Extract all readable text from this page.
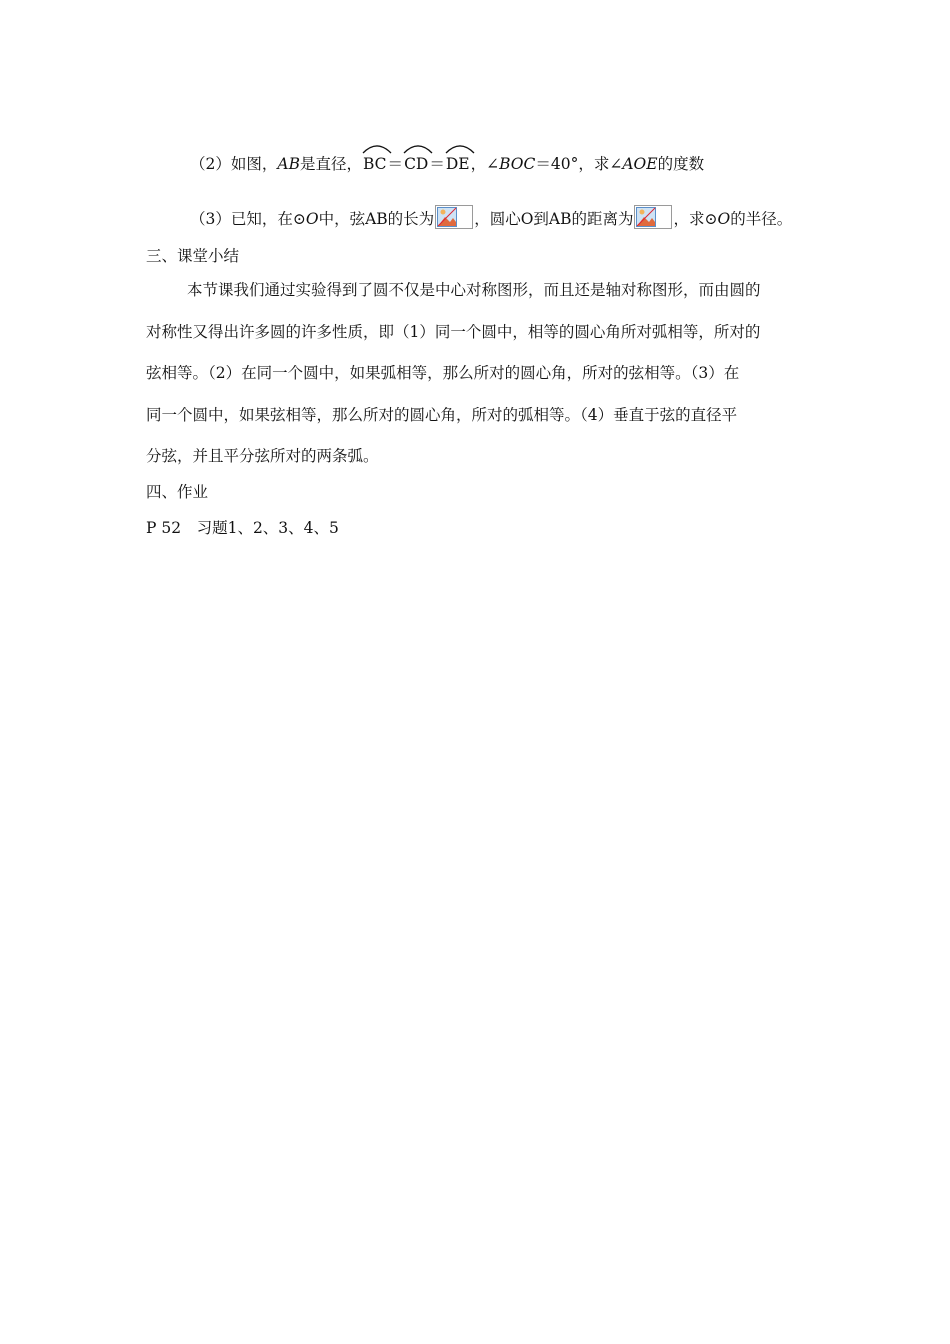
（2）如图，AB是直径，
BC＝
CD＝
DE，∠BOC＝40°，求∠AOE的度数
（3）已知，在⊙O中，弦AB的长为	，圆心O到AB的距离为	，求⊙O的半径。
三、课堂小结
本节课我们通过实验得到了圆不仅是中心对称图形，而且还是轴对称图形，而由圆的
对称性又得出许多圆的许多性质，即（1）同一个圆中，相等的圆心角所对弧相等，所对的
弦相等。（2）在同一个圆中，如果弧相等，那么所对的圆心角，所对的弦相等。（3）在
同一个圆中，如果弦相等，那么所对的圆心角，所对的弧相等。（4）垂直于弦的直径平
分弦，并且平分弦所对的两条弧。
四、作业
P 52　习题1、2、3、4、5
